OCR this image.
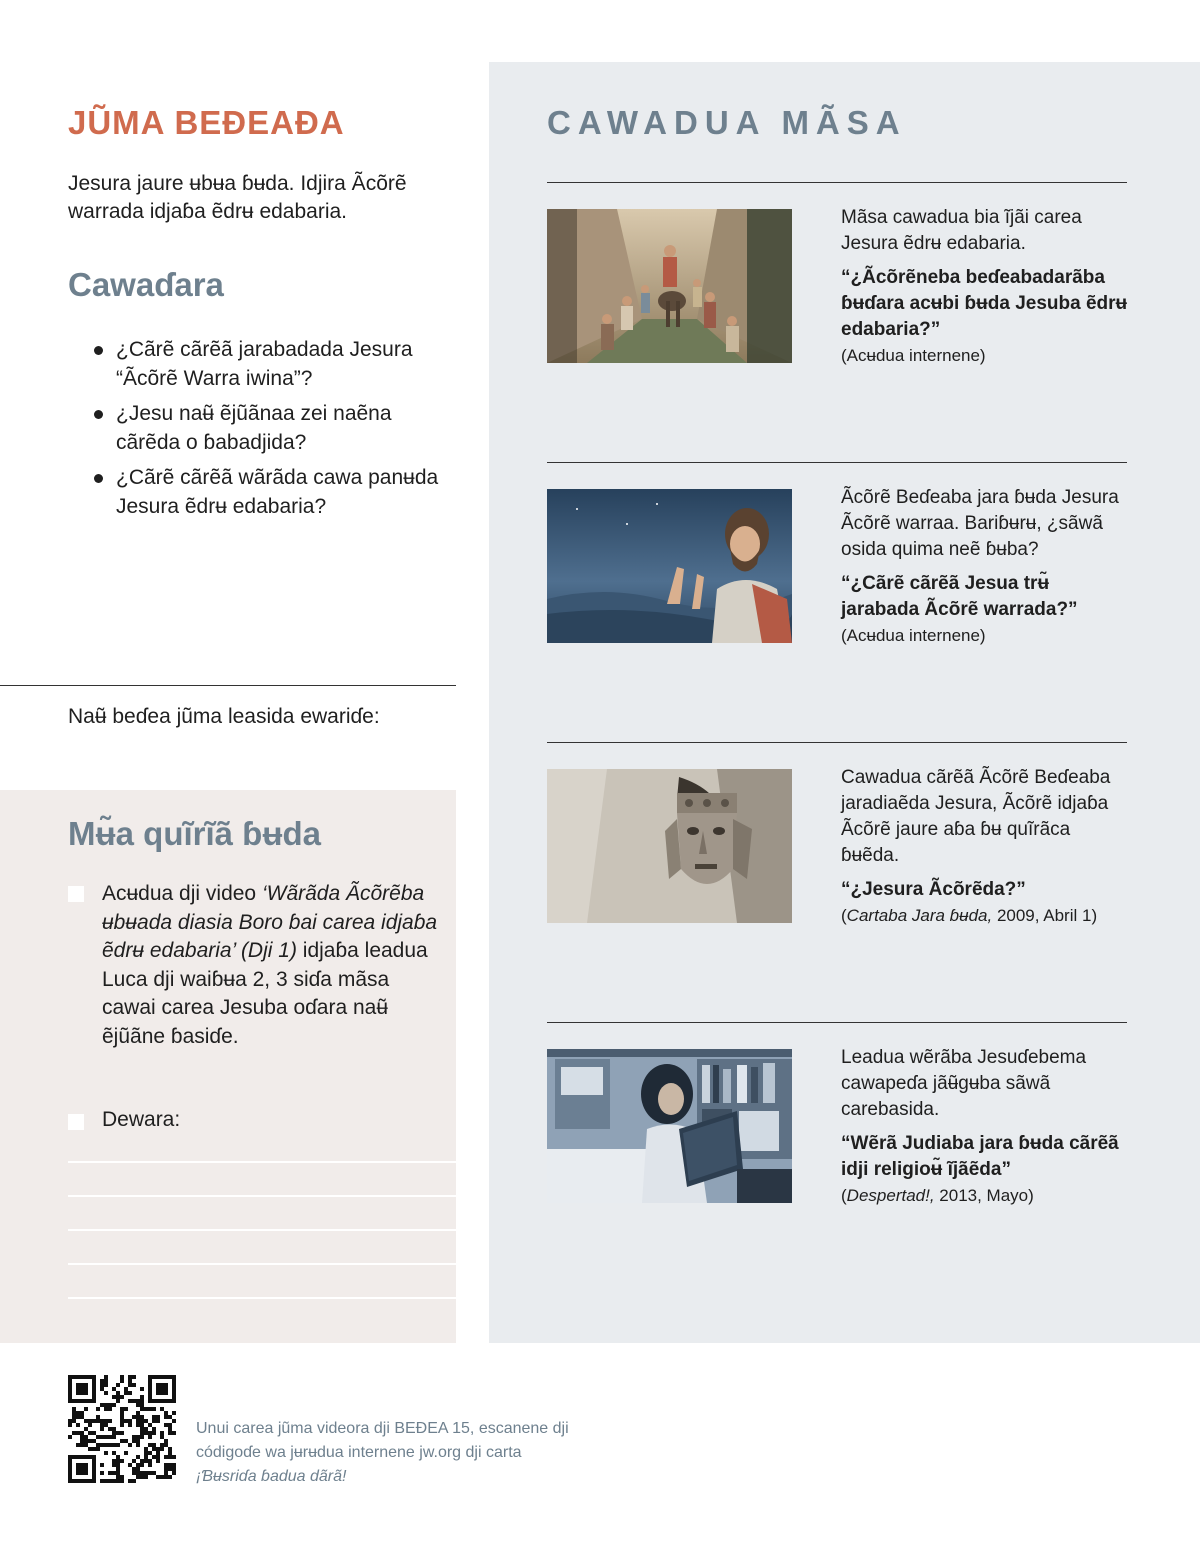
JŨMA BEƉEAƉA

Jesura jaure ʉbʉa ɓʉda. Idjira Ãcõrẽ warrada idjaɓa ẽdrʉ edabaria.

Cawaɗara
¿Cãrẽ cãrẽã jarabadada Jesura “Ãcõrẽ Warra iwina”?
¿Jesu naʉ̃ ẽjũãnaa zei naẽna cãrẽda o ɓabadjida?
¿Cãrẽ cãrẽã wãrãda cawa panʉda Jesura ẽdrʉ edabaria?

Naʉ̃ beɗea jũma leasida ewariɗe:

Mʉ̃a quĩrĩã ɓʉda

Acʉdua dji video ‘Wãrãda Ãcõrẽba ʉbʉada diasia Boro ɓai carea idjaɓa ẽdrʉ edabaria’ (Dji 1) idjaɓa leadua Luca dji waiɓʉa 2, 3 siɗa mãsa cawai carea Jesuba oɗara naʉ̃ ẽjũãne ɓasiɗe.

Dewara:

CAWADUA MÃSA

Mãsa cawadua bia ĩjãi carea Jesura ẽdrʉ edabaria.
“¿Ãcõrẽneba beɗeabadarãba ɓʉɗara acʉbi ɓʉda Jesuba ẽdrʉ edabaria?”
(Acʉdua internene)

Ãcõrẽ Beɗeaba jara ɓʉda Jesura Ãcõrẽ warraa. Bariɓʉrʉ, ¿sãwã osida quima neẽ ɓʉba?
“¿Cãrẽ cãrẽã Jesua trʉ̃ jarabada Ãcõrẽ warrada?”
(Acʉdua internene)

Cawadua cãrẽã Ãcõrẽ Beɗeaba jaradiaẽda Jesura, Ãcõrẽ idjaɓa Ãcõrẽ jaure aɓa ɓʉ quĩrãca ɓʉẽda.
“¿Jesura Ãcõrẽda?”
(Cartaba Jara ɓʉda, 2009, Abril 1)

Leadua wẽrãba Jesuɗebema cawapeɗa jãʉ̃gʉba sãwã carebasida.
“Wẽrã Judiaba jara ɓʉda cãrẽã idji religioʉ̃ ĩjãẽda”
(Despertad!, 2013, Mayo)

Unui carea jũma videora dji BEƉEA 15, escanene dji códigoɗe wa jʉrʉdua internene jw.org dji carta
¡Ɓʉsriɗa ɓadua dãrã!
